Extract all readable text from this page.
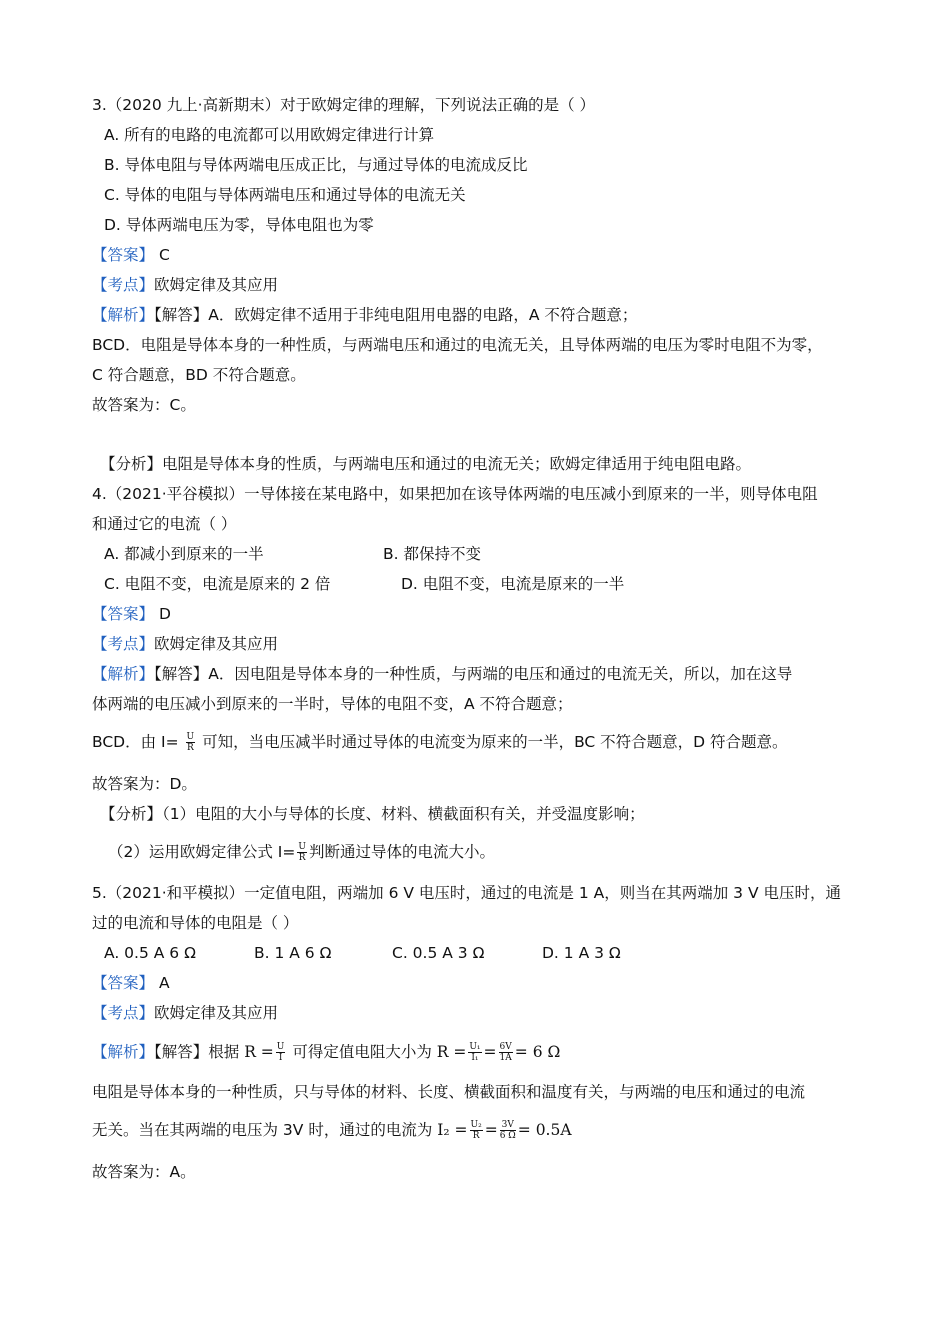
3.（2020 九上·高新期末）对于欧姆定律的理解，下列说法正确的是（ ）
A. 所有的电路的电流都可以用欧姆定律进行计算
B. 导体电阻与导体两端电压成正比，与通过导体的电流成反比
C. 导体的电阻与导体两端电压和通过导体的电流无关
D. 导体两端电压为零，导体电阻也为零
【答案】 C
【考点】欧姆定律及其应用
【解析】【解答】A．欧姆定律不适用于非纯电阻用电器的电路，A 不符合题意；
BCD．电阻是导体本身的一种性质，与两端电压和通过的电流无关，且导体两端的电压为零时电阻不为零，
C 符合题意，BD 不符合题意。
故答案为：C。
【分析】电阻是导体本身的性质，与两端电压和通过的电流无关；欧姆定律适用于纯电阻电路。
4.（2021·平谷模拟）一导体接在某电路中，如果把加在该导体两端的电压减小到原来的一半，则导体电阻
和通过它的电流（ ）
A. 都减小到原来的一半	B. 都保持不变
C. 电阻不变，电流是原来的 2 倍	D. 电阻不变，电流是原来的一半
【答案】 D
【考点】欧姆定律及其应用
【解析】【解答】A．因电阻是导体本身的一种性质，与两端的电压和通过的电流无关，所以，加在这导
体两端的电压减小到原来的一半时，导体的电阻不变，A 不符合题意；
BCD．由 $I= \frac{U}{R}$ 可知，当电压减半时通过导体的电流变为原来的一半，BC 不符合题意，D 符合题意。
故答案为：D。
【分析】（1）电阻的大小与导体的长度、材料、横截面积有关，并受温度影响；
（2）运用欧姆定律公式 $I= \frac{U}{R}$ 判断通过导体的电流大小。
5.（2021·和平模拟）一定值电阻，两端加 6 V 电压时，通过的电流是 1 A，则当在其两端加 3 V 电压时，通
过的电流和导体的电阻是（ ）
A. 0.5 A 6 Ω	B. 1 A 6 Ω	C. 0.5 A 3 Ω	D. 1 A 3 Ω
【答案】 A
【考点】欧姆定律及其应用
【解析】【解答】根据 $R = \frac{U}{I}$ 可得定值电阻大小为 $R = \frac{\text{U₁}}{\text{I₁}} = \frac{6V}{1A} = 6$ Ω
电阻是导体本身的一种性质，只与导体的材料、长度、横截面积和温度有关，与两端的电压和通过的电流
无关。当在其两端的电压为 3V 时，通过的电流为 $I_2 = \frac{\text{U₂}}{R} = \frac{3V}{6 \Omega} = 0.5A$
故答案为：A。
